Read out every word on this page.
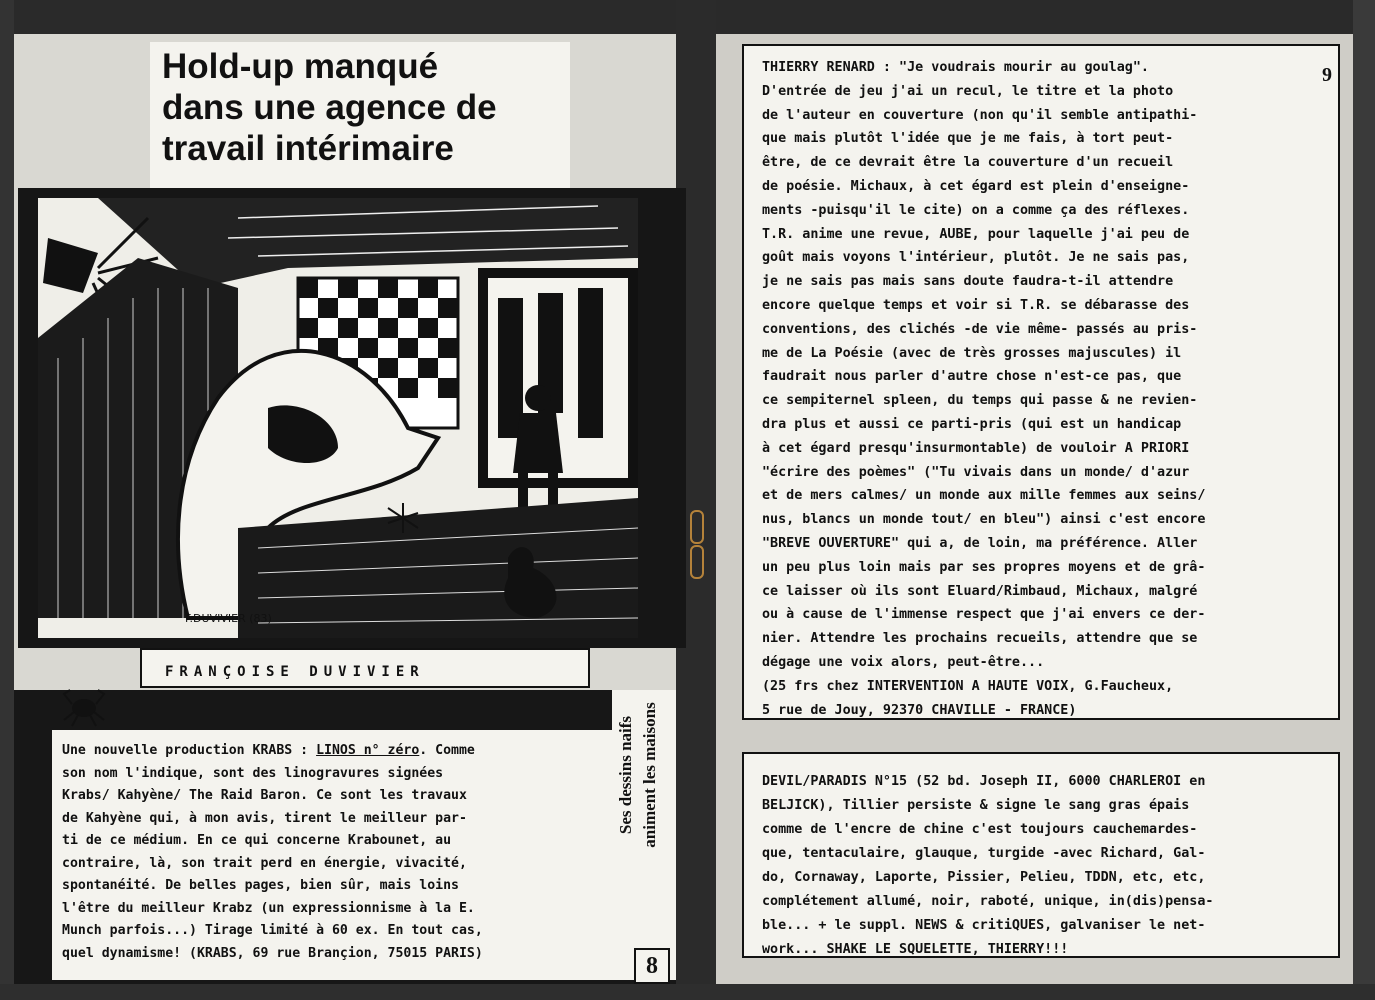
Hold-up manqué
dans une agence de
travail intérimaire
F.DUVIVIER (83)
FRANÇOISE DUVIVIER

Une nouvelle production KRABS : LINOS n° zéro. Comme

son nom l'indique, sont des linogravures signées

Krabs/ Kahyène/ The Raid Baron. Ce sont les travaux

de Kahyène qui, à mon avis, tirent le meilleur par-

ti de ce médium. En ce qui concerne Krabounet, au

contraire, là, son trait perd en énergie, vivacité,

spontanéité. De belles pages, bien sûr, mais loins

l'être du meilleur Krabz (un expressionnisme à la E.

Munch parfois...) Tirage limité à 60 ex. En tout cas,

quel dynamisme! (KRABS, 69 rue Brançion, 75015 PARIS)

Ses dessins naifs animent les maisons
8

THIERRY RENARD : "Je voudrais mourir au goulag".

D'entrée de jeu j'ai un recul, le titre et la photo

de l'auteur en couverture (non qu'il semble antipathi-

que mais plutôt l'idée que je me fais, à tort peut-

être, de ce devrait être la couverture d'un recueil

de poésie. Michaux, à cet égard est plein d'enseigne-

ments -puisqu'il le cite) on a comme ça des réflexes.

T.R. anime une revue, AUBE, pour laquelle j'ai peu de

goût mais voyons l'intérieur, plutôt. Je ne sais pas,

je ne sais pas mais sans doute faudra-t-il attendre

encore quelque temps et voir si T.R. se débarasse des

conventions, des clichés -de vie même- passés au pris-

me de La Poésie (avec de très grosses majuscules) il

faudrait nous parler d'autre chose n'est-ce pas, que

ce sempiternel spleen, du temps qui passe & ne revien-

dra plus et aussi ce parti-pris (qui est un handicap

à cet égard presqu'insurmontable) de vouloir A PRIORI

"écrire des poèmes" ("Tu vivais dans un monde/ d'azur

et de mers calmes/ un monde aux mille femmes aux seins/

nus, blancs un monde tout/ en bleu") ainsi c'est encore

"BREVE OUVERTURE" qui a, de loin, ma préférence. Aller

un peu plus loin mais par ses propres moyens et de grâ-

ce laisser où ils sont Eluard/Rimbaud, Michaux, malgré

ou à cause de l'immense respect que j'ai envers ce der-

nier. Attendre les prochains recueils, attendre que se

dégage une voix alors, peut-être...

(25 frs chez INTERVENTION A HAUTE VOIX, G.Faucheux,

5 rue de Jouy, 92370 CHAVILLE - FRANCE)

9

DEVIL/PARADIS N°15 (52 bd. Joseph II, 6000 CHARLEROI en

BELJICK), Tillier persiste & signe le sang gras épais

comme de l'encre de chine c'est toujours cauchemardes-

que, tentaculaire, glauque, turgide -avec Richard, Gal-

do, Cornaway, Laporte, Pissier, Pelieu, TDDN, etc, etc,

complétement allumé, noir, raboté, unique, in(dis)pensa-

ble... + le suppl. NEWS & critiQUES, galvaniser le net-

work... SHAKE LE SQUELETTE, THIERRY!!!
